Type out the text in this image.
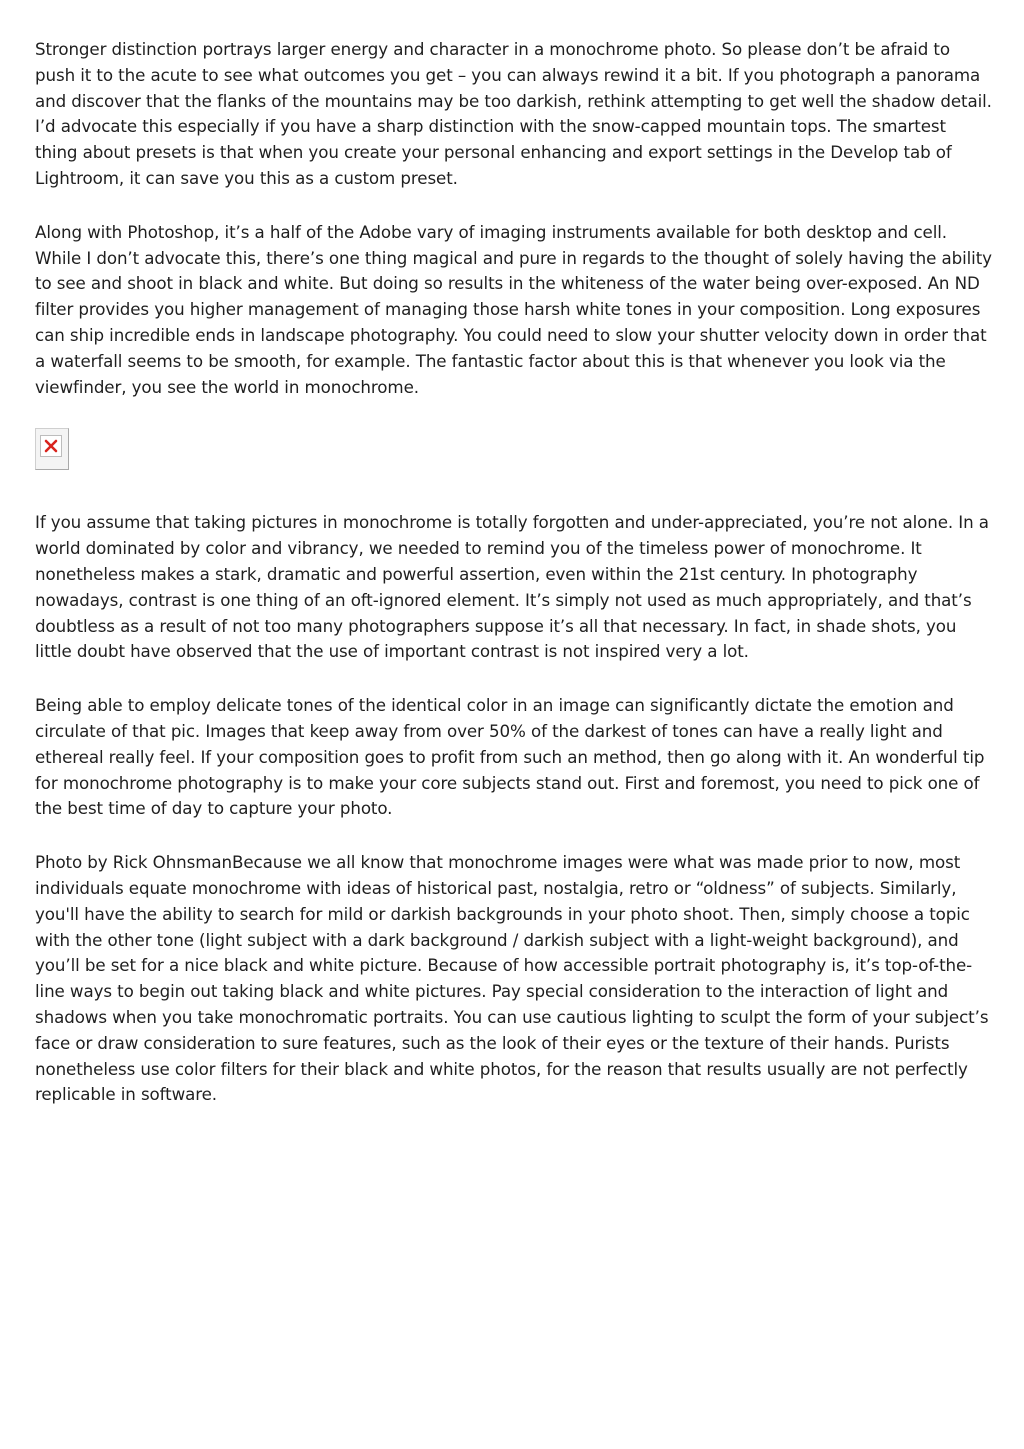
Stronger distinction portrays larger energy and character in a monochrome photo. So please don’t be afraid to push it to the acute to see what outcomes you get – you can always rewind it a bit. If you photograph a panorama and discover that the flanks of the mountains may be too darkish, rethink attempting to get well the shadow detail. I’d advocate this especially if you have a sharp distinction with the snow-capped mountain tops. The smartest thing about presets is that when you create your personal enhancing and export settings in the Develop tab of Lightroom, it can save you this as a custom preset.

Along with Photoshop, it’s a half of the Adobe vary of imaging instruments available for both desktop and cell. While I don’t advocate this, there’s one thing magical and pure in regards to the thought of solely having the ability to see and shoot in black and white. But doing so results in the whiteness of the water being over-exposed. An ND filter provides you higher management of managing those harsh white tones in your composition. Long exposures can ship incredible ends in landscape photography. You could need to slow your shutter velocity down in order that a waterfall seems to be smooth, for example. The fantastic factor about this is that whenever you look via the viewfinder, you see the world in monochrome.

If you assume that taking pictures in monochrome is totally forgotten and under-appreciated, you’re not alone. In a world dominated by color and vibrancy, we needed to remind you of the timeless power of monochrome. It nonetheless makes a stark, dramatic and powerful assertion, even within the 21st century. In photography nowadays, contrast is one thing of an oft-ignored element. It’s simply not used as much appropriately, and that’s doubtless as a result of not too many photographers suppose it’s all that necessary. In fact, in shade shots, you little doubt have observed that the use of important contrast is not inspired very a lot.

Being able to employ delicate tones of the identical color in an image can significantly dictate the emotion and circulate of that pic. Images that keep away from over 50% of the darkest of tones can have a really light and ethereal really feel. If your composition goes to profit from such an method, then go along with it. An wonderful tip for monochrome photography is to make your core subjects stand out. First and foremost, you need to pick one of the best time of day to capture your photo.

Photo by Rick OhnsmanBecause we all know that monochrome images were what was made prior to now, most individuals equate monochrome with ideas of historical past, nostalgia, retro or “oldness” of subjects. Similarly, you'll have the ability to search for mild or darkish backgrounds in your photo shoot. Then, simply choose a topic with the other tone (light subject with a dark background / darkish subject with a light-weight background), and you’ll be set for a nice black and white picture. Because of how accessible portrait photography is, it’s top-of-the-line ways to begin out taking black and white pictures. Pay special consideration to the interaction of light and shadows when you take monochromatic portraits. You can use cautious lighting to sculpt the form of your subject’s face or draw consideration to sure features, such as the look of their eyes or the texture of their hands. Purists nonetheless use color filters for their black and white photos, for the reason that results usually are not perfectly replicable in software.
